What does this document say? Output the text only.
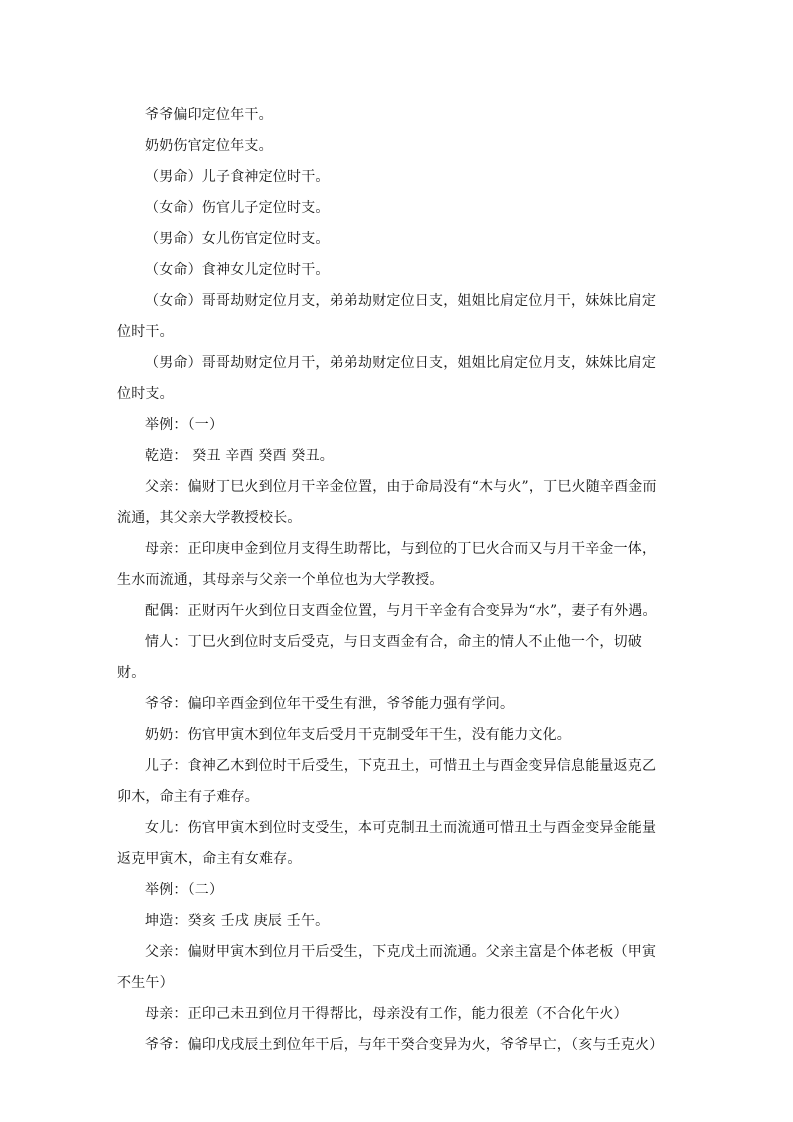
爷爷偏印定位年干。

奶奶伤官定位年支。

（男命）儿子食神定位时干。

（女命）伤官儿子定位时支。

（男命）女儿伤官定位时支。

（女命）食神女儿定位时干。

（女命）哥哥劫财定位月支，弟弟劫财定位日支，姐姐比肩定位月干，妹妹比肩定位时干。

（男命）哥哥劫财定位月干，弟弟劫财定位日支，姐姐比肩定位月支，妹妹比肩定位时支。

举例：（一）

乾造： 癸丑 辛酉 癸酉 癸丑。

父亲：偏财丁巳火到位月干辛金位置，由于命局没有“木与火”，丁巳火随辛酉金而流通，其父亲大学教授校长。

母亲：正印庚申金到位月支得生助帮比，与到位的丁巳火合而又与月干辛金一体，生水而流通，其母亲与父亲一个单位也为大学教授。

配偶：正财丙午火到位日支酉金位置，与月干辛金有合变异为“水”，妻子有外遇。

情人：丁巳火到位时支后受克，与日支酉金有合，命主的情人不止他一个，切破财。

爷爷：偏印辛酉金到位年干受生有泄，爷爷能力强有学问。

奶奶：伤官甲寅木到位年支后受月干克制受年干生，没有能力文化。

儿子：食神乙木到位时干后受生，下克丑土，可惜丑土与酉金变异信息能量返克乙卯木，命主有子难存。

女儿：伤官甲寅木到位时支受生，本可克制丑土而流通可惜丑土与酉金变异金能量返克甲寅木，命主有女难存。

举例：（二）

坤造：癸亥 壬戌 庚辰 壬午。

父亲：偏财甲寅木到位月干后受生，下克戊土而流通。父亲主富是个体老板（甲寅不生午）

母亲：正印己未丑到位月干得帮比，母亲没有工作，能力很差（不合化午火）

爷爷：偏印戊戌辰土到位年干后，与年干癸合变异为火，爷爷早亡，（亥与壬克火）
